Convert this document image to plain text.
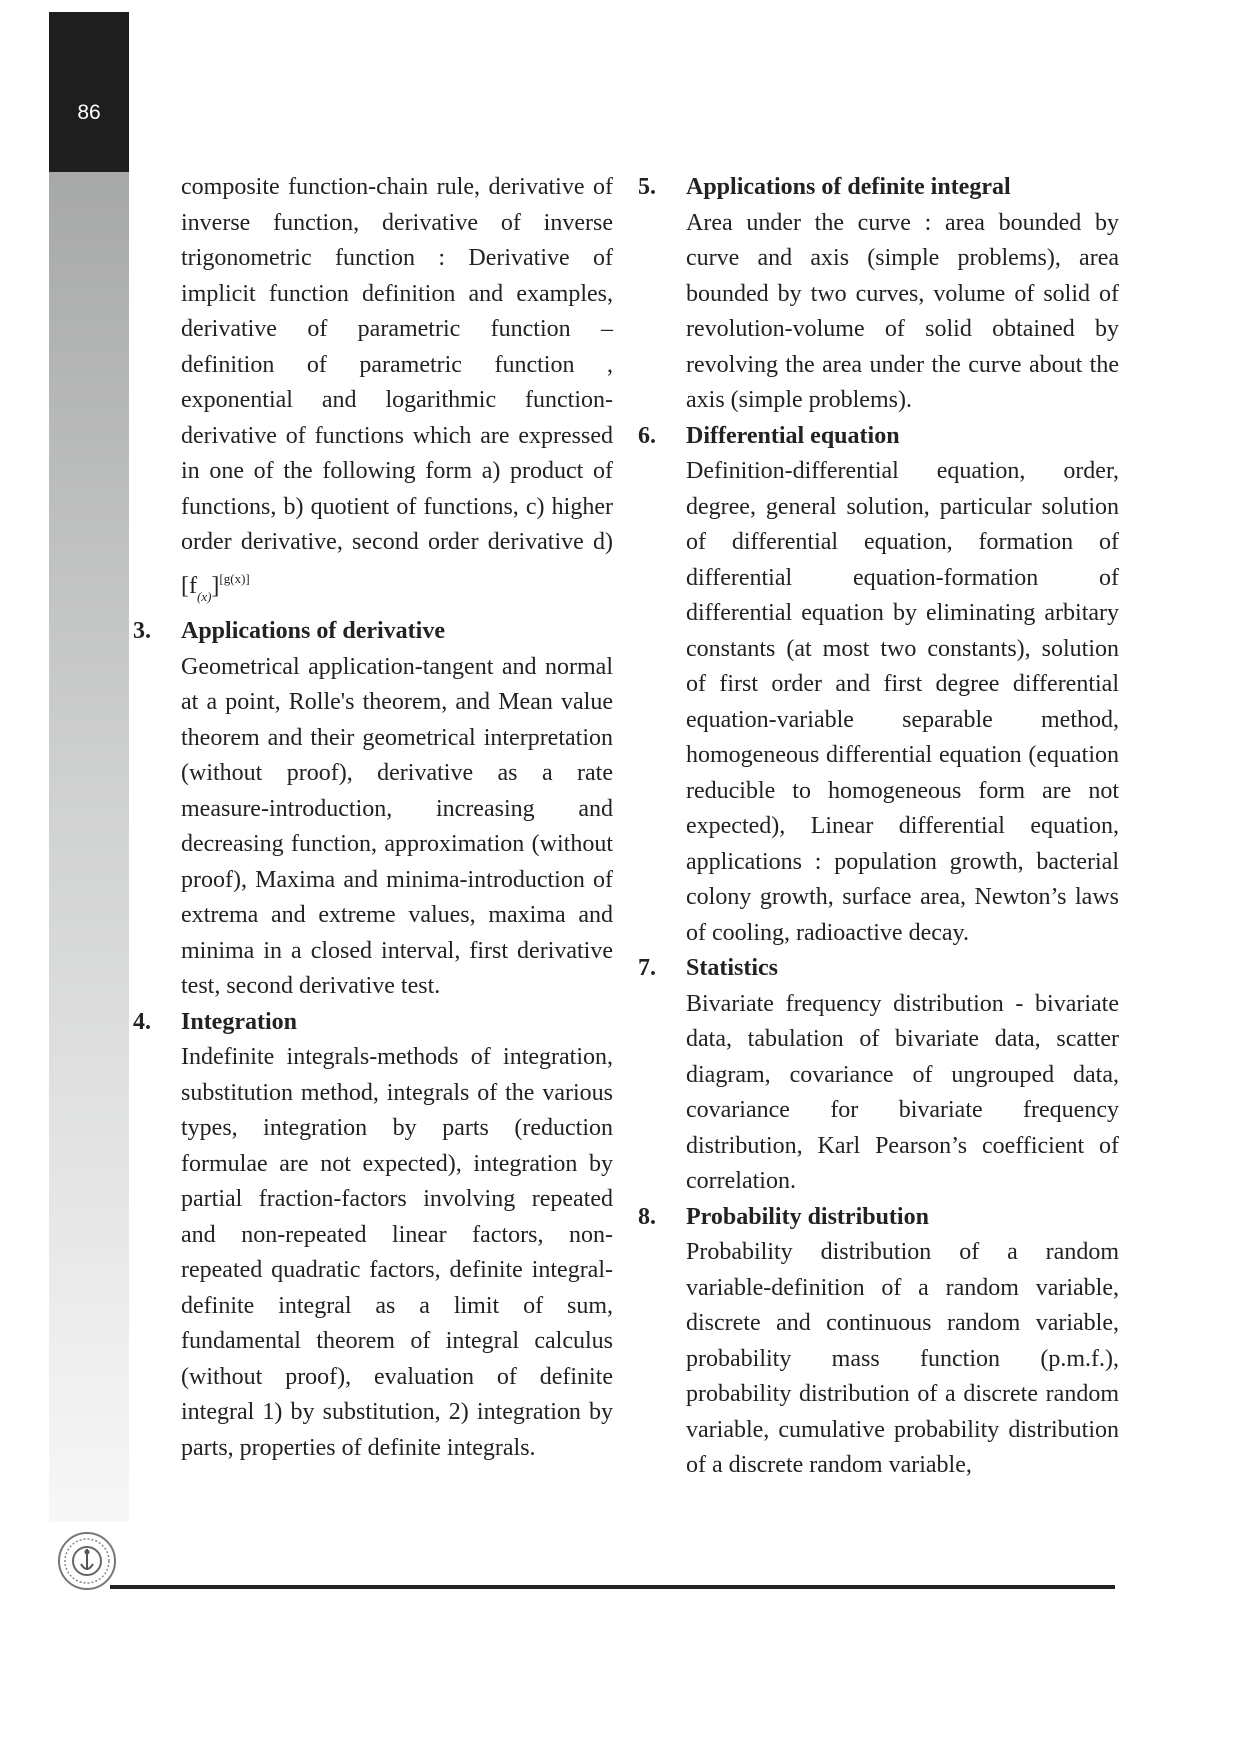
86
composite function-chain rule, derivative of inverse function, derivative of inverse trigonometric function : Derivative of implicit function definition and examples, derivative of parametric function – definition of parametric function , exponential and logarithmic function-derivative of functions which are expressed in one of the following form a) product of functions, b) quotient of functions, c) higher order derivative, second order derivative d) $[f_{(x)}][g(x)]$
3. Applications of derivative
Geometrical application-tangent and normal at a point, Rolle's theorem, and Mean value theorem and their geometrical interpretation (without proof), derivative as a rate measure-introduction, increasing and decreasing function, approximation (without proof), Maxima and minima-introduction of extrema and extreme values, maxima and minima in a closed interval, first derivative test, second derivative test.
4. Integration
Indefinite integrals-methods of integration, substitution method, integrals of the various types, integration by parts (reduction formulae are not expected), integration by partial fraction-factors involving repeated and non-repeated linear factors, non-repeated quadratic factors, definite integral-definite integral as a limit of sum, fundamental theorem of integral calculus (without proof), evaluation of definite integral 1) by substitution, 2) integration by parts, properties of definite integrals.
5. Applications of definite integral
Area under the curve : area bounded by curve and axis (simple problems), area bounded by two curves, volume of solid of revolution-volume of solid obtained by revolving the area under the curve about the axis (simple problems).
6. Differential equation
Definition-differential equation, order, degree, general solution, particular solution of differential equation, formation of differential equation-formation of differential equation by eliminating arbitary constants (at most two constants), solution of first order and first degree differential equation-variable separable method, homogeneous differential equation (equation reducible to homogeneous form are not expected), Linear differential equation, applications : population growth, bacterial colony growth, surface area, Newton’s laws of cooling, radioactive decay.
7. Statistics
Bivariate frequency distribution - bivariate data, tabulation of bivariate data, scatter diagram, covariance of ungrouped data, covariance for bivariate frequency distribution, Karl Pearson’s coefficient of correlation.
8. Probability distribution
Probability distribution of a random variable-definition of a random variable, discrete and continuous random variable, probability mass function (p.m.f.), probability distribution of a discrete random variable, cumulative probability distribution of a discrete random variable,
